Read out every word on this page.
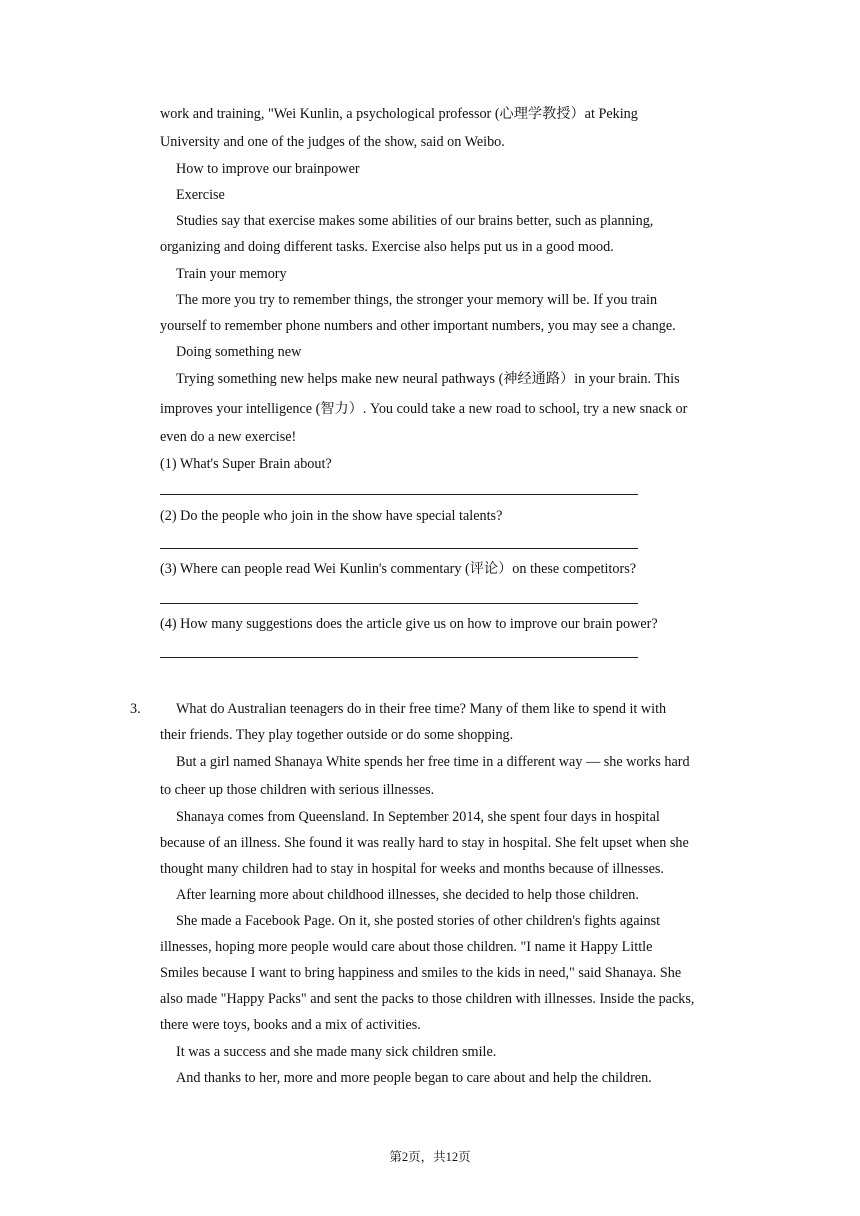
work and training, "Wei Kunlin, a psychological professor (心理学教授）at Peking
University and one of the judges of the show, said on Weibo.
How to improve our brainpower
Exercise
Studies say that exercise makes some abilities of our brains better, such as planning,
organizing and doing different tasks. Exercise also helps put us in a good mood.
Train your memory
The more you try to remember things, the stronger your memory will be. If you train
yourself to remember phone numbers and other important numbers, you may see a change.
Doing something new
Trying something new helps make new neural pathways (神经通路）in your brain. This
improves your intelligence (智力）. You could take a new road to school, try a new snack or
even do a new exercise!
(1) What's Super Brain about?
(2) Do the people who join in the show have special talents?
(3) Where can people read Wei Kunlin's commentary (评论）on these competitors?
(4) How many suggestions does the article give us on how to improve our brain power?
3. What do Australian teenagers do in their free time? Many of them like to spend it with
their friends. They play together outside or do some shopping.
But a girl named Shanaya White spends her free time in a different way — she works hard
to cheer up those children with serious illnesses.
Shanaya comes from Queensland. In September 2014, she spent four days in hospital
because of an illness. She found it was really hard to stay in hospital. She felt upset when she
thought many children had to stay in hospital for weeks and months because of illnesses.
After learning more about childhood illnesses, she decided to help those children.
She made a Facebook Page. On it, she posted stories of other children's fights against
illnesses, hoping more people would care about those children. "I name it Happy Little
Smiles because I want to bring happiness and smiles to the kids in need," said Shanaya. She
also made "Happy Packs" and sent the packs to those children with illnesses. Inside the packs,
there were toys, books and a mix of activities.
It was a success and she made many sick children smile.
And thanks to her, more and more people began to care about and help the children.
第2页，共12页
